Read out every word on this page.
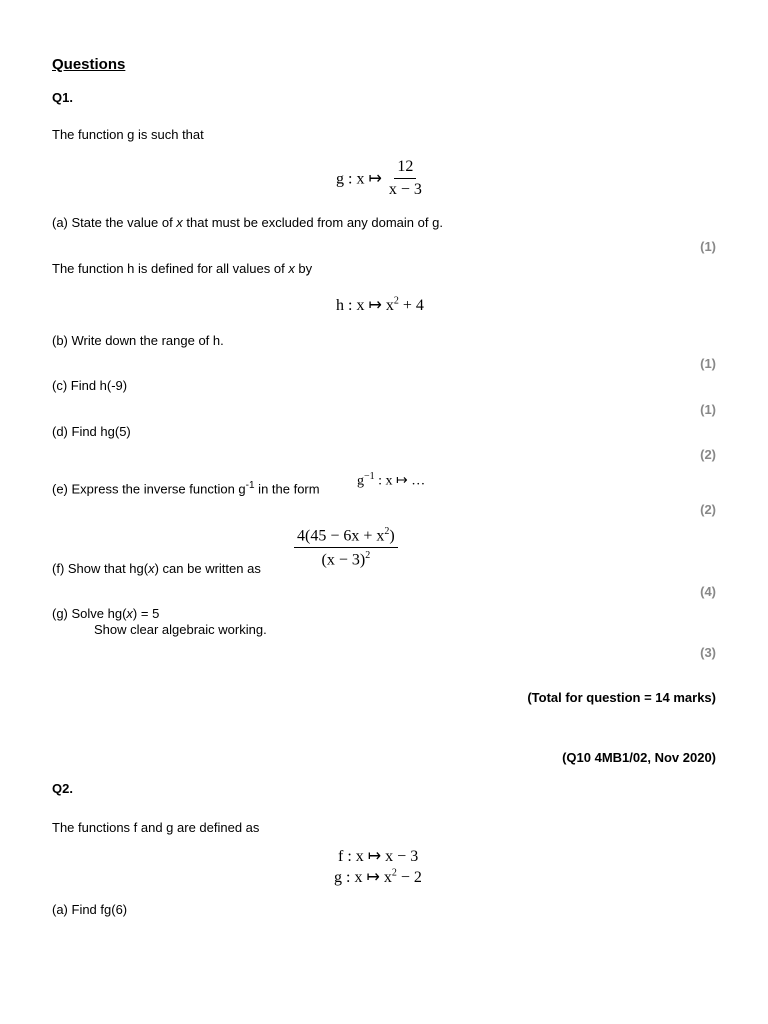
Questions
Q1.
The function g is such that
g : x ↦ $\frac{12}{x - 3}$
(a) State the value of x that must be excluded from any domain of g.
(1)
The function h is defined for all values of x by
h : x ↦ $x^2 + 4$
(b) Write down the range of h.
(1)
(c) Find h(-9)
(1)
(d) Find hg(5)
(2)
(e) Express the inverse function $g^{-1}$ in the form
$g^{-1}$ : x ↦ …
(2)
(f) Show that hg(x) can be written as $\frac{4(45 - 6x + x^2)}{(x - 3)^2}$
(4)
(g) Solve hg(x) = 5
Show clear algebraic working.
(3)
(Total for question = 14 marks)
(Q10 4MB1/02, Nov 2020)
Q2.
The functions f and g are defined as
f : x ↦ x − 3
g : x ↦ $x^2 - 2$
(a) Find fg(6)
